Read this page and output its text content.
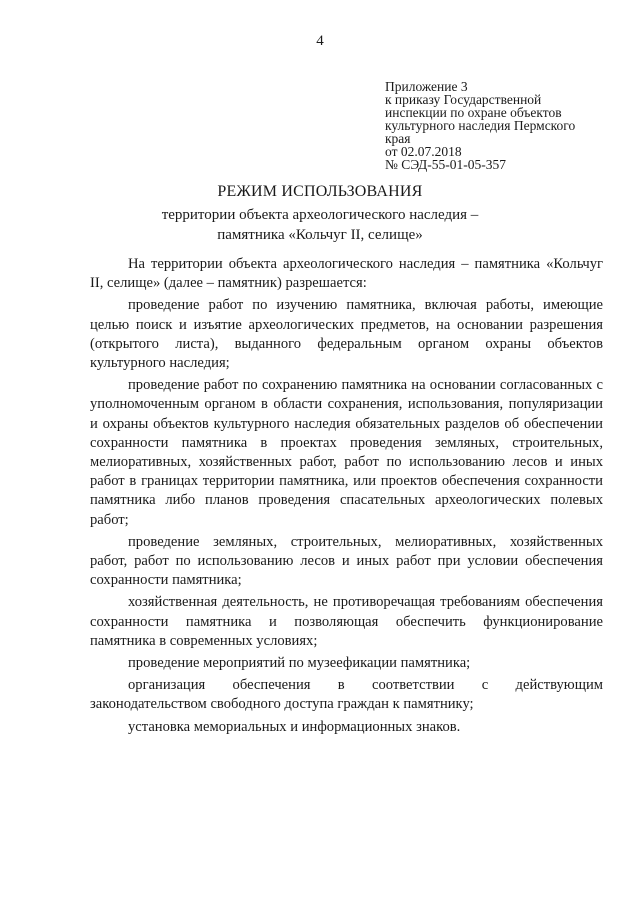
4
Приложение 3
к приказу Государственной
инспекции по охране объектов
культурного наследия Пермского
края
от 02.07.2018
№ СЭД-55-01-05-357
РЕЖИМ ИСПОЛЬЗОВАНИЯ
территории объекта археологического наследия –
памятника «Кольчуг II, селище»

На территории объекта археологического наследия – памятника «Кольчуг II, селище» (далее – памятник) разрешается:

проведение работ по изучению памятника, включая работы, имеющие целью поиск и изъятие археологических предметов, на основании разрешения (открытого листа), выданного федеральным органом охраны объектов культурного наследия;

проведение работ по сохранению памятника на основании согласованных с уполномоченным органом в области сохранения, использования, популяризации и охраны объектов культурного наследия обязательных разделов об обеспечении сохранности памятника в проектах проведения земляных, строительных, мелиоративных, хозяйственных работ, работ по использованию лесов и иных работ в границах территории памятника, или проектов обеспечения сохранности памятника либо планов проведения спасательных археологических полевых работ;

проведение земляных, строительных, мелиоративных, хозяйственных работ, работ по использованию лесов и иных работ при условии обеспечения сохранности памятника;

хозяйственная деятельность, не противоречащая требованиям обеспечения сохранности памятника и позволяющая обеспечить функционирование памятника в современных условиях;

проведение мероприятий по музеефикации памятника;

организация обеспечения в соответствии с действующим законодательством свободного доступа граждан к памятнику;

установка мемориальных и информационных знаков.
